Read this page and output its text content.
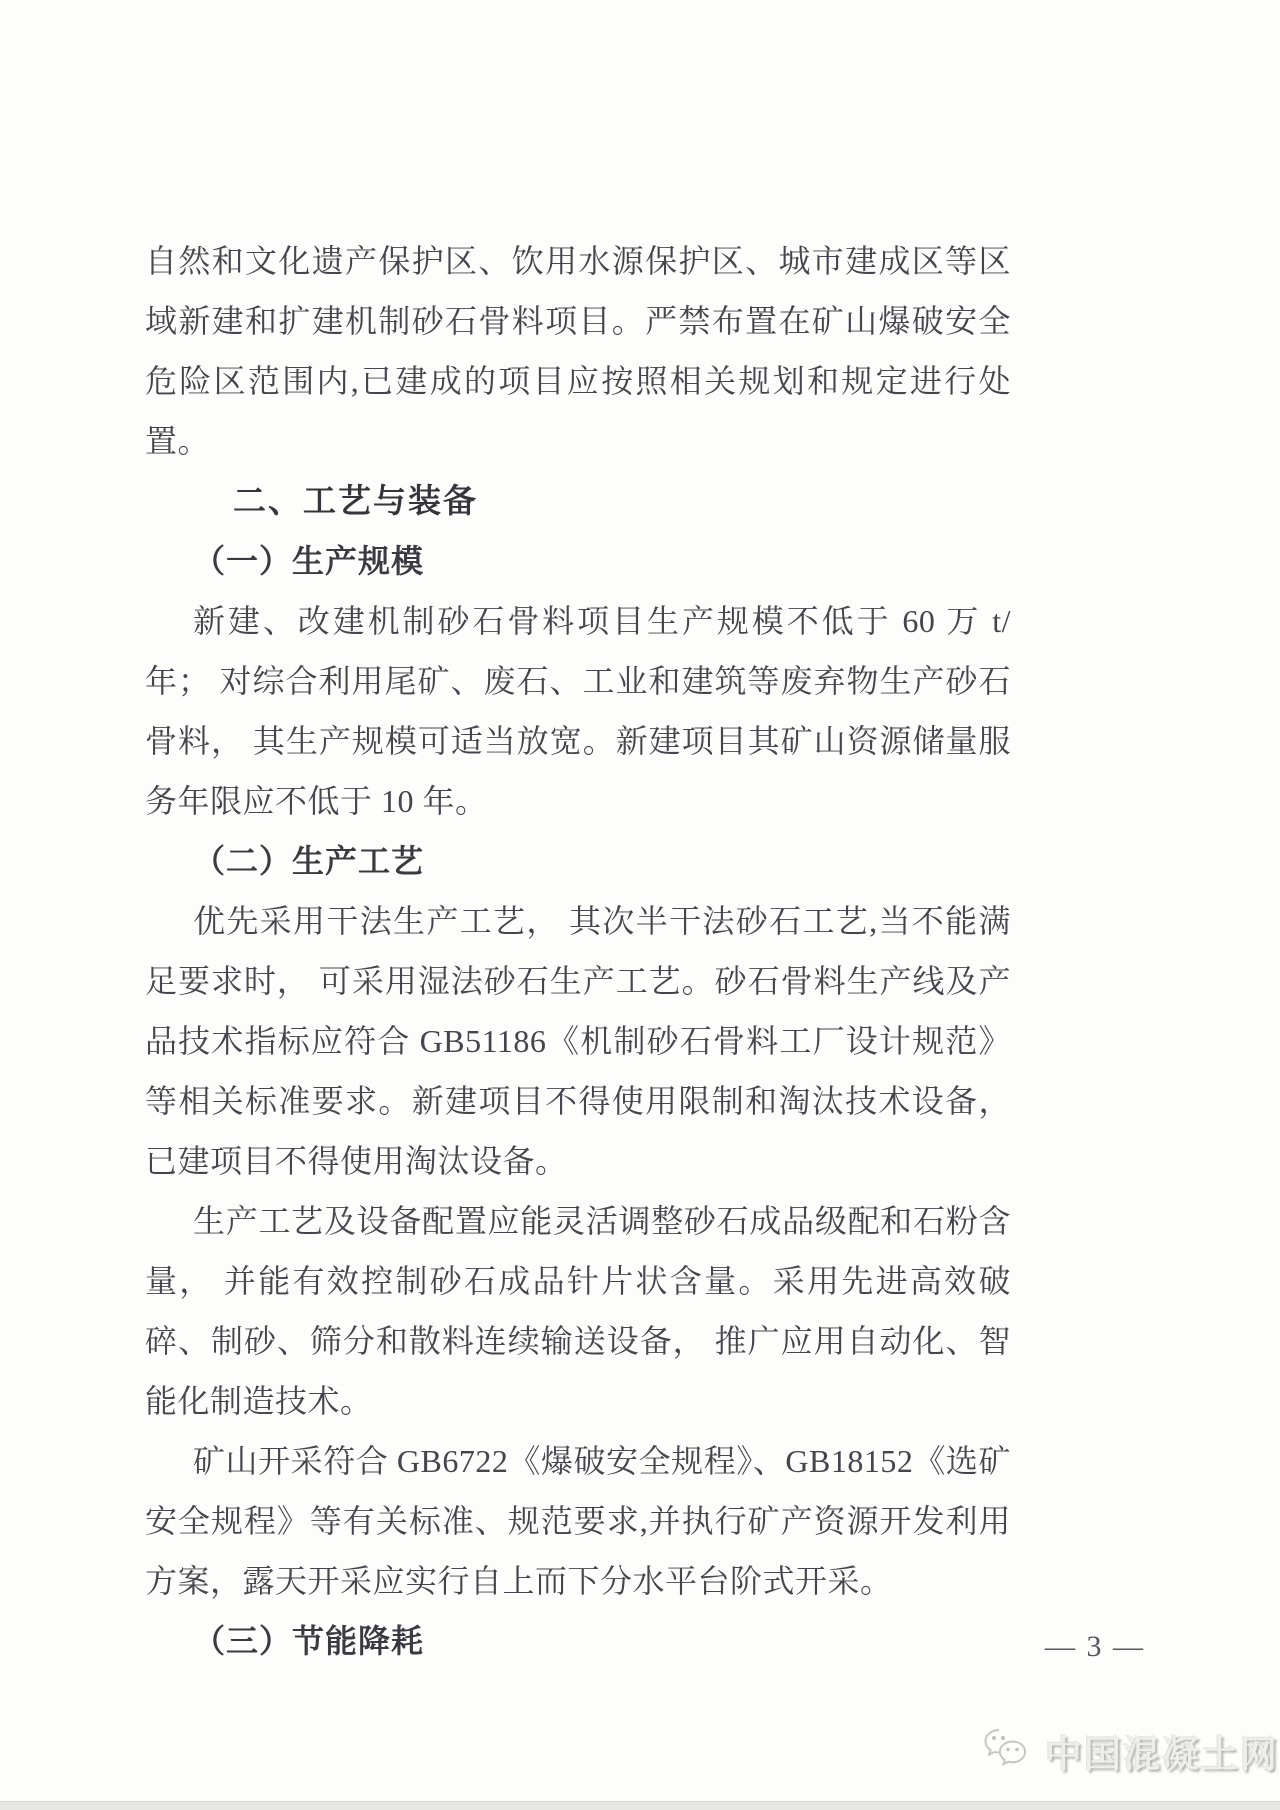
自然和文化遗产保护区、饮用水源保护区、城市建成区等区域新建和扩建机制砂石骨料项目。严禁布置在矿山爆破安全危险区范围内,已建成的项目应按照相关规划和规定进行处置。

二、工艺与装备
（一）生产规模

新建、改建机制砂石骨料项目生产规模不低于 60 万 t/年； 对综合利用尾矿、废石、工业和建筑等废弃物生产砂石骨料， 其生产规模可适当放宽。新建项目其矿山资源储量服务年限应不低于 10 年。

（二）生产工艺

优先采用干法生产工艺， 其次半干法砂石工艺,当不能满足要求时， 可采用湿法砂石生产工艺。砂石骨料生产线及产品技术指标应符合 GB51186《机制砂石骨料工厂设计规范》等相关标准要求。新建项目不得使用限制和淘汰技术设备， 已建项目不得使用淘汰设备。

生产工艺及设备配置应能灵活调整砂石成品级配和石粉含量， 并能有效控制砂石成品针片状含量。采用先进高效破碎、制砂、筛分和散料连续输送设备， 推广应用自动化、智能化制造技术。

矿山开采符合 GB6722《爆破安全规程》、GB18152《选矿安全规程》等有关标准、规范要求,并执行矿产资源开发利用方案，露天开采应实行自上而下分水平台阶式开采。

（三）节能降耗	— 3 —
中国混凝土网
